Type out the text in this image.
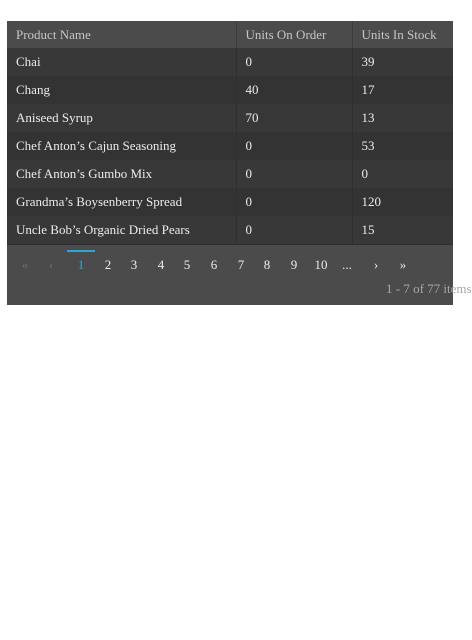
Product Name	Units On Order	Units In Stock
Chai	0	39
Chang	40	17
Aniseed Syrup	70	13
Chef Anton’s Cajun Seasoning	0	53
Chef Anton’s Gumbo Mix	0	0
Grandma’s Boysenberry Spread	0	120
Uncle Bob’s Organic Dried Pears	0	15
«	‹	1	2	3	4	5	6	7	8	9	10	...	›	»
1 - 7 of 77 items
